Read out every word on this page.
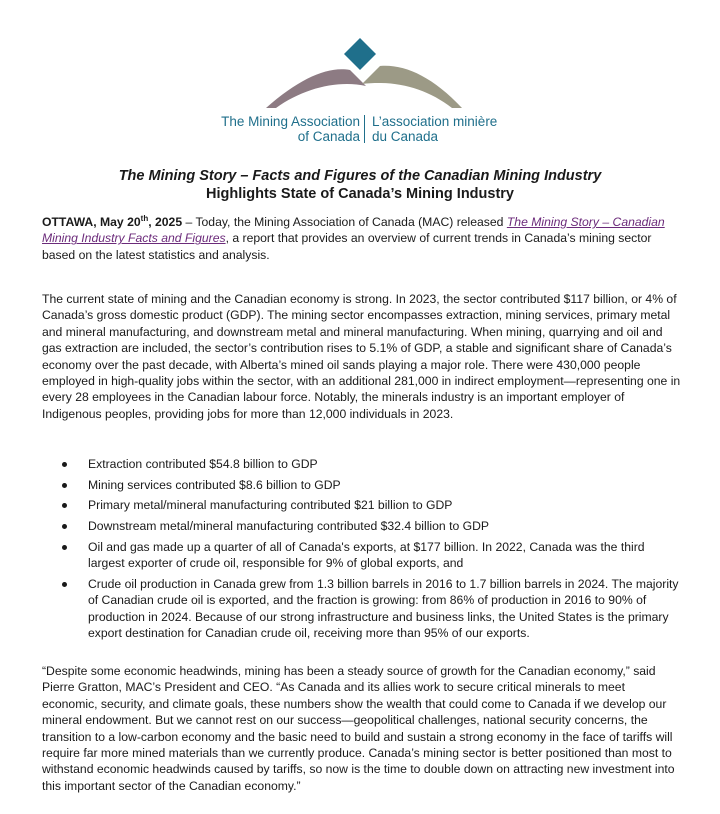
The Mining Association
of Canada
L’association minière
du Canada
The Mining Story – Facts and Figures of the Canadian Mining Industry
Highlights State of Canada’s Mining Industry

OTTAWA, May 20th, 2025 – Today, the Mining Association of Canada (MAC) released The Mining Story – Canadian Mining Industry Facts and Figures, a report that provides an overview of current trends in Canada’s mining sector based on the latest statistics and analysis.

The current state of mining and the Canadian economy is strong. In 2023, the sector contributed $117 billion, or 4% of Canada’s gross domestic product (GDP). The mining sector encompasses extraction, mining services, primary metal and mineral manufacturing, and downstream metal and mineral manufacturing. When mining, quarrying and oil and gas extraction are included, the sector’s contribution rises to 5.1% of GDP, a stable and significant share of Canada’s economy over the past decade, with Alberta’s mined oil sands playing a major role. There were 430,000 people employed in high-quality jobs within the sector, with an additional 281,000 in indirect employment—representing one in every 28 employees in the Canadian labour force. Notably, the minerals industry is an important employer of Indigenous peoples, providing jobs for more than 12,000 individuals in 2023.

Extraction contributed $54.8 billion to GDP
Mining services contributed $8.6 billion to GDP
Primary metal/mineral manufacturing contributed $21 billion to GDP
Downstream metal/mineral manufacturing contributed $32.4 billion to GDP
Oil and gas made up a quarter of all of Canada's exports, at $177 billion. In 2022, Canada was the third largest exporter of crude oil, responsible for 9% of global exports, and
Crude oil production in Canada grew from 1.3 billion barrels in 2016 to 1.7 billion barrels in 2024. The majority of Canadian crude oil is exported, and the fraction is growing: from 86% of production in 2016 to 90% of production in 2024. Because of our strong infrastructure and business links, the United States is the primary export destination for Canadian crude oil, receiving more than 95% of our exports.

“Despite some economic headwinds, mining has been a steady source of growth for the Canadian economy,” said Pierre Gratton, MAC’s President and CEO. “As Canada and its allies work to secure critical minerals to meet economic, security, and climate goals, these numbers show the wealth that could come to Canada if we develop our mineral endowment. But we cannot rest on our success—geopolitical challenges, national security concerns, the transition to a low-carbon economy and the basic need to build and sustain a strong economy in the face of tariffs will require far more mined materials than we currently produce. Canada’s mining sector is better positioned than most to withstand economic headwinds caused by tariffs, so now is the time to double down on attracting new investment into this important sector of the Canadian economy.”
